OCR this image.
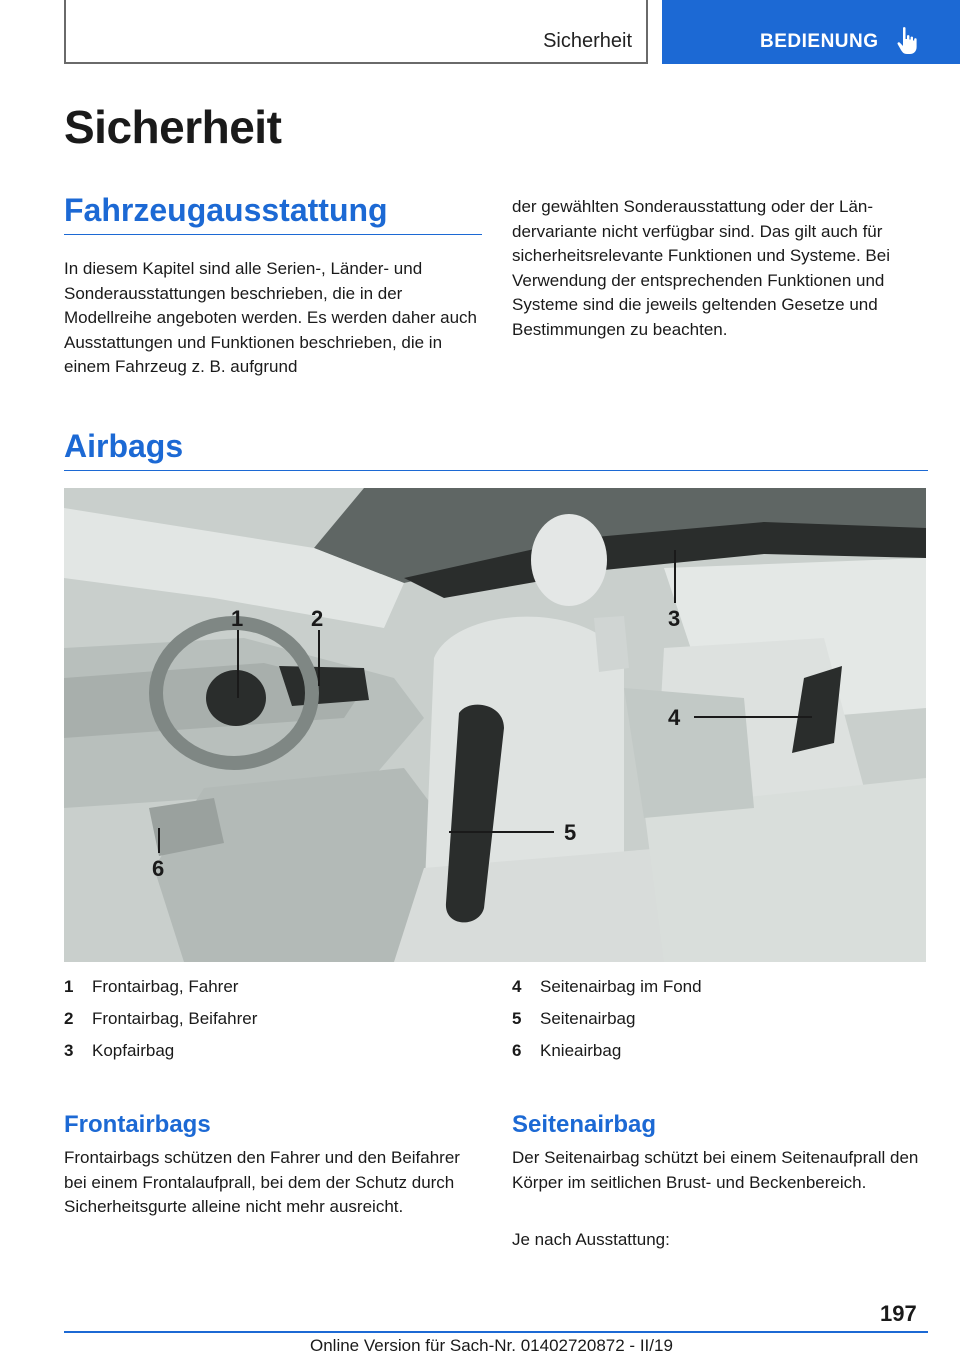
Sicherheit	BEDIENUNG
Sicherheit
Fahrzeugausstattung

In diesem Kapitel sind alle Serien-, Länder- und Sonderausstattungen beschrieben, die in der Modellreihe angeboten werden. Es werden daher auch Ausstattungen und Funktionen beschrieben, die in einem Fahrzeug z. B. aufgrund

der gewählten Sonderausstattung oder der Ländervariante nicht verfügbar sind. Das gilt auch für sicherheitsrelevante Funktionen und Systeme. Bei Verwendung der entsprechenden Funktionen und Systeme sind die jeweils geltenden Gesetze und Bestimmungen zu beachten.

Airbags
1	2	3
4
5
6
1 Frontairbag, Fahrer
2 Frontairbag, Beifahrer
3 Kopfairbag
4 Seitenairbag im Fond
5 Seitenairbag
6 Knieairbag
Frontairbags

Frontairbags schützen den Fahrer und den Beifahrer bei einem Frontalaufprall, bei dem der Schutz durch Sicherheitsgurte alleine nicht mehr ausreicht.

Seitenairbag

Der Seitenairbag schützt bei einem Seitenaufprall den Körper im seitlichen Brust- und Beckenbereich.

Je nach Ausstattung:

197
Online Version für Sach-Nr. 01402720872 - II/19
